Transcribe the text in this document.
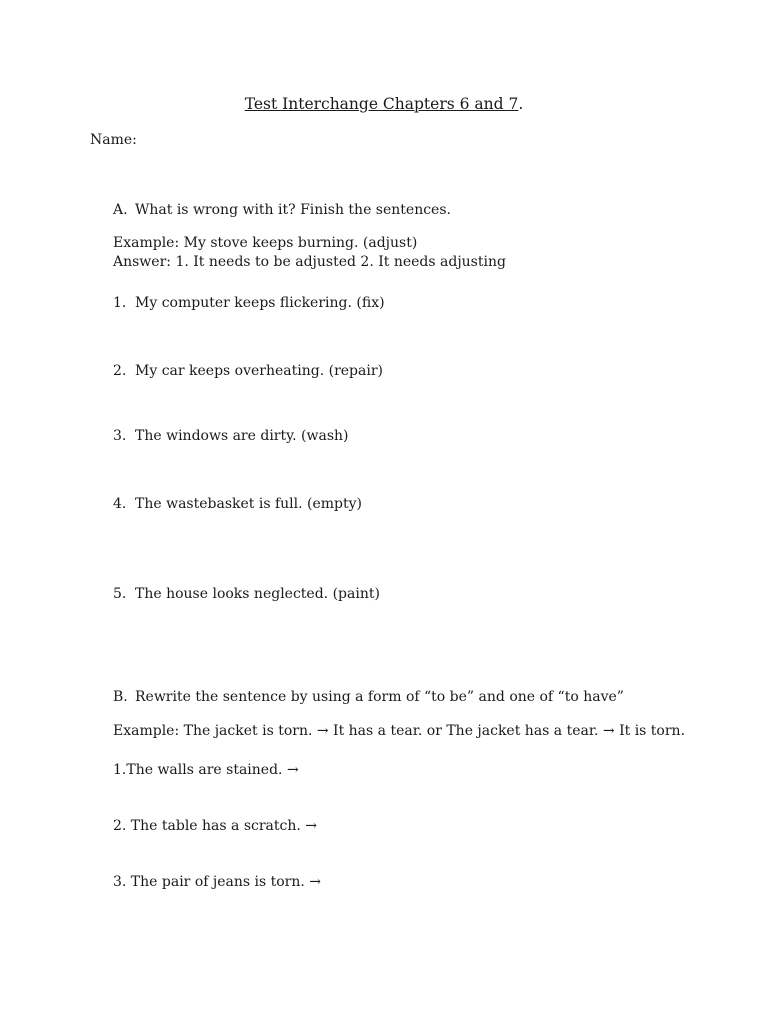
Test Interchange Chapters 6 and 7.
Name:
A. What is wrong with it? Finish the sentences.
Example: My stove keeps burning. (adjust)
Answer: 1. It needs to be adjusted 2. It needs adjusting
1. My computer keeps flickering. (fix)
2. My car keeps overheating. (repair)
3. The windows are dirty. (wash)
4. The wastebasket is full. (empty)
5. The house looks neglected. (paint)
B. Rewrite the sentence by using a form of “to be” and one of “to have”
Example: The jacket is torn. → It has a tear. or The jacket has a tear. → It is torn.
1.The walls are stained. →
2. The table has a scratch. →
3. The pair of jeans is torn. →
